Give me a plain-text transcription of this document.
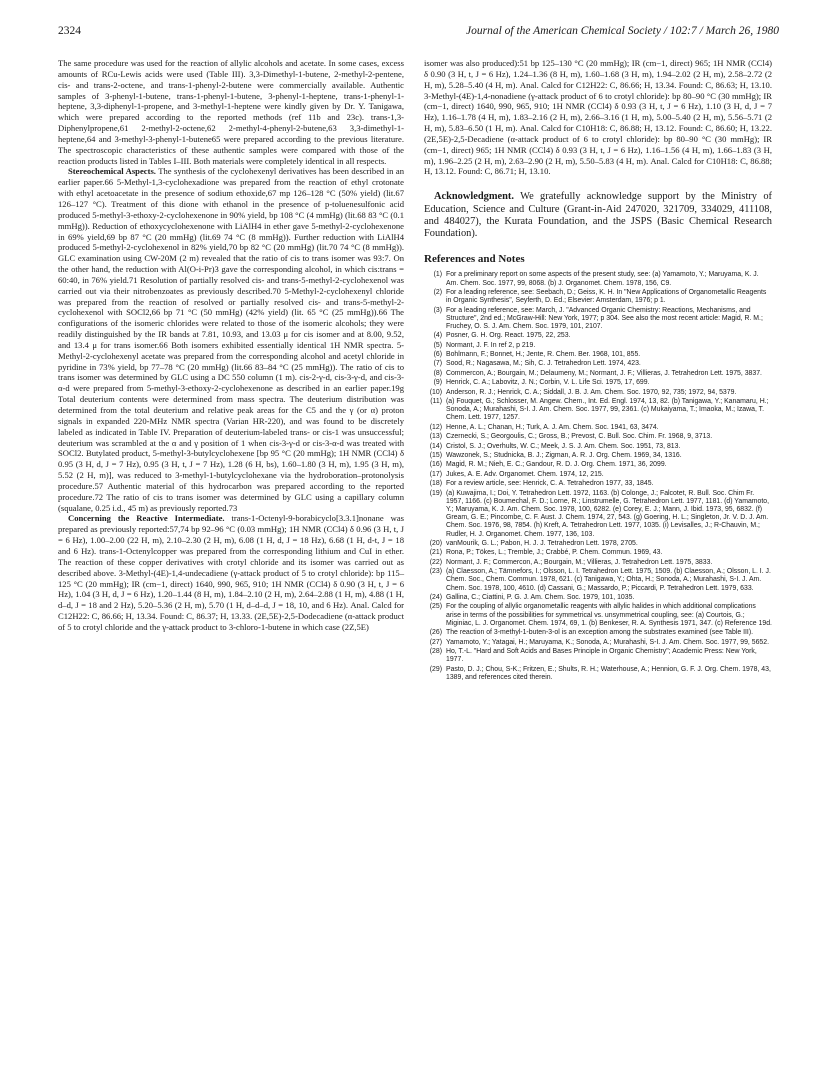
2324	Journal of the American Chemical Society / 102:7 / March 26, 1980

The same procedure was used for the reaction of allylic alcohols and acetate. In some cases, excess amounts of RCu-Lewis acids were used (Table III). 3,3-Dimethyl-1-butene, 2-methyl-2-pentene, cis- and trans-2-octene, and trans-1-phenyl-2-butene were commercially available. Authentic samples of 3-phenyl-1-butene, trans-1-phenyl-1-butene, 3-phenyl-1-heptene, trans-1-phenyl-1-heptene, 3,3-diphenyl-1-propene, and 3-methyl-1-heptene were kindly given by Dr. Y. Tanigawa, which were prepared according to the reported methods (ref 11b and 23c). trans-1,3-Diphenylpropene,61 2-methyl-2-octene,62 2-methyl-4-phenyl-2-butene,63 3,3-dimethyl-1-heptene,64 and 3-methyl-3-phenyl-1-butene65 were prepared according to the previous literature. The spectroscopic characteristics of these authentic samples were compared with those of the reaction products listed in Tables I–III. Both materials were completely identical in all respects.

Stereochemical Aspects. The synthesis of the cyclohexenyl derivatives has been described in an earlier paper.66 5-Methyl-1,3-cyclohexadione was prepared from the reaction of ethyl crotonate with ethyl acetoacetate in the presence of sodium ethoxide,67 mp 126–128 °C (50% yield) (lit.67 126–127 °C). Treatment of this dione with ethanol in the presence of p-toluenesulfonic acid produced 5-methyl-3-ethoxy-2-cyclohexenone in 90% yield, bp 108 °C (4 mmHg) (lit.68 83 °C (0.1 mmHg)). Reduction of ethoxycyclohexenone with LiAlH4 in ether gave 5-methyl-2-cyclohexenone in 69% yield,69 bp 87 °C (20 mmHg) (lit.69 74 °C (8 mmHg)). Further reduction with LiAlH4 produced 5-methyl-2-cyclohexenol in 82% yield,70 bp 82 °C (20 mmHg) (lit.70 74 °C (8 mmHg)). GLC examination using CW-20M (2 m) revealed that the ratio of cis to trans isomer was 93:7. On the other hand, the reduction with Al(O-i-Pr)3 gave the corresponding alcohol, in which cis:trans = 60:40, in 76% yield.71 Resolution of partially resolved cis- and trans-5-methyl-2-cyclohexenol was carried out via their nitrobenzoates as previously described.70 5-Methyl-2-cyclohexenyl chloride was prepared from the reaction of resolved or partially resolved cis- and trans-5-methyl-2-cyclohexenol with SOCl2,66 bp 71 °C (50 mmHg) (42% yield) (lit. 65 °C (25 mmHg)).66 The configurations of the isomeric chlorides were related to those of the isomeric alcohols; they were readily distinguished by the IR bands at 7.81, 10.93, and 13.03 μ for cis isomer and at 8.00, 9.52, and 13.4 μ for trans isomer.66 Both isomers exhibited essentially identical 1H NMR spectra. 5-Methyl-2-cyclohexenyl acetate was prepared from the corresponding alcohol and acetyl chloride in pyridine in 73% yield, bp 77–78 °C (20 mmHg) (lit.66 83–84 °C (25 mmHg)). The ratio of cis to trans isomer was determined by GLC using a DC 550 column (1 m). cis-2-γ-d, cis-3-γ-d, and cis-3-α-d were prepared from 5-methyl-3-ethoxy-2-cyclohexenone as described in an earlier paper.19g Total deuterium contents were determined from mass spectra. The deuterium distribution was determined from the total deuterium and relative peak areas for the C5 and the γ (or α) proton signals in expanded 220-MHz NMR spectra (Varian HR-220), and was found to be discretely labeled as indicated in Table IV. Preparation of deuterium-labeled trans- or cis-1 was unsuccessful; deuterium was scrambled at the α and γ position of 1 when cis-3-γ-d or cis-3-α-d was treated with SOCl2. Butylated product, 5-methyl-3-butylcyclohexene [bp 95 °C (20 mmHg); 1H NMR (CCl4) δ 0.95 (3 H, d, J = 7 Hz), 0.95 (3 H, t, J = 7 Hz), 1.28 (6 H, bs), 1.60–1.80 (3 H, m), 1.95 (3 H, m), 5.52 (2 H, m)], was reduced to 3-methyl-1-butylcyclohexane via the hydroboration–protonolysis procedure.57 Authentic material of this hydrocarbon was prepared according to the reported procedure.72 The ratio of cis to trans isomer was determined by GLC using a capillary column (squalane, 0.25 i.d., 45 m) as previously reported.73

Concerning the Reactive Intermediate. trans-1-Octenyl-9-borabicyclo[3.3.1]nonane was prepared as previously reported:57,74 bp 92–96 °C (0.03 mmHg); 1H NMR (CCl4) δ 0.96 (3 H, t, J = 6 Hz), 1.00–2.00 (22 H, m), 2.10–2.30 (2 H, m), 6.08 (1 H, d, J = 18 Hz), 6.68 (1 H, d-t, J = 18 and 6 Hz). trans-1-Octenylcopper was prepared from the corresponding lithium and CuI in ether. The reaction of these copper derivatives with crotyl chloride and its isomer was carried out as described above. 3-Methyl-(4E)-1,4-undecadiene (γ-attack product of 5 to crotyl chloride): bp 115–125 °C (20 mmHg); IR (cm−1, direct) 1640, 990, 965, 910; 1H NMR (CCl4) δ 0.90 (3 H, t, J = 6 Hz), 1.04 (3 H, d, J = 6 Hz), 1.20–1.44 (8 H, m), 1.84–2.10 (2 H, m), 2.64–2.88 (1 H, m), 4.88 (1 H, d–d, J = 18 and 2 Hz), 5.20–5.36 (2 H, m), 5.70 (1 H, d–d–d, J = 18, 10, and 6 Hz). Anal. Calcd for C12H22: C, 86.66; H, 13.34. Found: C, 86.37; H, 13.33. (2E,5E)-2,5-Dodecadiene (α-attack product of 5 to crotyl chloride and the γ-attack product to 3-chloro-1-butene in which case (2Z,5E)

isomer was also produced):51 bp 125–130 °C (20 mmHg); IR (cm−1, direct) 965; 1H NMR (CCl4) δ 0.90 (3 H, t, J = 6 Hz), 1.24–1.36 (8 H, m), 1.60–1.68 (3 H, m), 1.94–2.02 (2 H, m), 2.58–2.72 (2 H, m), 5.28–5.40 (4 H, m). Anal. Calcd for C12H22: C, 86.66; H, 13.34. Found: C, 86.63; H, 13.10. 3-Methyl-(4E)-1,4-nonadiene (γ-attack product of 6 to crotyl chloride): bp 80–90 °C (30 mmHg); IR (cm−1, direct) 1640, 990, 965, 910; 1H NMR (CCl4) δ 0.93 (3 H, t, J = 6 Hz), 1.10 (3 H, d, J = 7 Hz), 1.16–1.78 (4 H, m), 1.83–2.16 (2 H, m), 2.66–3.16 (1 H, m), 5.00–5.40 (2 H, m), 5.56–5.71 (2 H, m), 5.83–6.50 (1 H, m). Anal. Calcd for C10H18: C, 86.88; H, 13.12. Found: C, 86.60; H, 13.22. (2E,5E)-2,5-Decadiene (α-attack product of 6 to crotyl chloride): bp 80–90 °C (30 mmHg); IR (cm−1, direct) 965; 1H NMR (CCl4) δ 0.93 (3 H, t, J = 6 Hz), 1.16–1.56 (4 H, m), 1.66–1.83 (3 H, m), 1.96–2.25 (2 H, m), 2.63–2.90 (2 H, m), 5.50–5.83 (4 H, m). Anal. Calcd for C10H18: C, 86.88; H, 13.12. Found: C, 86.71; H, 13.10.

Acknowledgment. We gratefully acknowledge support by the Ministry of Education, Science and Culture (Grant-in-Aid 247020, 321709, 334029, 411108, and 484027), the Kurata Foundation, and the JSPS (Basic Chemical Research Foundation).

References and Notes
(1) For a preliminary report on some aspects of the present study, see: (a) Yamamoto, Y.; Maruyama, K. J. Am. Chem. Soc. 1977, 99, 8068. (b) J. Organomet. Chem. 1978, 156, C9.
(2) For a leading reference, see: Seebach, D.; Geiss, K. H. In "New Applications of Organometallic Reagents in Organic Synthesis", Seyferth, D. Ed.; Elsevier: Amsterdam, 1976; p 1.
(3) For a leading reference, see: March, J. "Advanced Organic Chemistry: Reactions, Mechanisms, and Structure", 2nd ed.; McGraw-Hill: New York, 1977; p 304. See also the most recent article: Magid, R. M.; Fruchey, O. S. J. Am. Chem. Soc. 1979, 101, 2107.
(4) Posner, G. H. Org. React. 1975, 22, 253.
(5) Normant, J. F. In ref 2, p 219.
(6) Bohlmann, F.; Bonnet, H.; Jente, R. Chem. Ber. 1968, 101, 855.
(7) Sood, R.; Nagasawa, M.; Sih, C. J. Tetrahedron Lett. 1974, 423.
(8) Commercon, A.; Bourgain, M.; Delaumeny, M.; Normant, J. F.; Villieras, J. Tetrahedron Lett. 1975, 3837.
(9) Henrick, C. A.; Labovitz, J. N.; Corbin, V. L. Life Sci. 1975, 17, 699.
(10) Anderson, R. J.; Henrick, C. A.; Siddall, J. B. J. Am. Chem. Soc. 1970, 92, 735; 1972, 94, 5379.
(11) (a) Fouquet, G.; Schlosser, M. Angew. Chem., Int. Ed. Engl. 1974, 13, 82. (b) Tanigawa, Y.; Kanamaru, H.; Sonoda, A.; Murahashi, S-I. J. Am. Chem. Soc. 1977, 99, 2361. (c) Mukaiyama, T.; Imaoka, M.; Izawa, T. Chem. Lett. 1977, 1257.
(12) Henne, A. L.; Chanan, H.; Turk, A. J. Am. Chem. Soc. 1941, 63, 3474.
(13) Czernecki, S.; Georgoulis, C.; Gross, B.; Prevost, C. Bull. Soc. Chim. Fr. 1968, 9, 3713.
(14) Cristol, S. J.; Overhults, W. C.; Meek, J. S. J. Am. Chem. Soc. 1951, 73, 813.
(15) Wawzonek, S.; Studnicka, B. J.; Zigman, A. R. J. Org. Chem. 1969, 34, 1316.
(16) Magid, R. M.; Nieh, E. C.; Gandour, R. D. J. Org. Chem. 1971, 36, 2099.
(17) Jukes, A. E. Adv. Organomet. Chem. 1974, 12, 215.
(18) For a review article, see: Henrick, C. A. Tetrahedron 1977, 33, 1845.
(19) (a) Kuwajima, I.; Doi, Y. Tetrahedron Lett. 1972, 1163. (b) Colonge, J.; Falcotet, R. Bull. Soc. Chim Fr. 1957, 1166. (c) Boumechal, F. D.; Lorne, R.; Linstrumelle, G. Tetrahedron Lett. 1977, 1181. (d) Yamamoto, Y.; Maruyama, K. J. Am. Chem. Soc. 1978, 100, 6282. (e) Corey, E. J.; Mann, J. Ibid. 1973, 95, 6832. (f) Gream, G. E.; Pincombe, C. F. Aust. J. Chem. 1974, 27, 543. (g) Goering, H. L.; Singleton, Jr. V. D. J. Am. Chem. Soc. 1976, 98, 7854. (h) Kreft, A. Tetrahedron Lett. 1977, 1035. (i) Levisalles, J.; R-Chauvin, M.; Rudler, H. J. Organomet. Chem. 1977, 136, 103.
(20) vanMourik, G. L.; Pabon, H. J. J. Tetrahedron Lett. 1978, 2705.
(21) Rona, P.; Tökes, L.; Tremble, J.; Crabbé, P. Chem. Commun. 1969, 43.
(22) Normant, J. F.; Commercon, A.; Bourgain, M.; Villieras, J. Tetrahedron Lett. 1975, 3833.
(23) (a) Claesson, A.; Tämnefors, I.; Olsson, L. I. Tetrahedron Lett. 1975, 1509. (b) Claesson, A.; Olsson, L. I. J. Chem. Soc., Chem. Commun. 1978, 621. (c) Tanigawa, Y.; Ohta, H.; Sonoda, A.; Murahashi, S-I. J. Am. Chem. Soc. 1978, 100, 4610. (d) Cassani, G.; Massardo, P.; Piccardi, P. Tetrahedron Lett. 1979, 633.
(24) Gallina, C.; Ciattini, P. G. J. Am. Chem. Soc. 1979, 101, 1035.
(25) For the coupling of allylic organometallic reagents with allylic halides in which additional complications arise in terms of the possibilities for symmetrical vs. unsymmetrical coupling, see: (a) Courtois, G.; Miginiac, L. J. Organomet. Chem. 1974, 69, 1. (b) Benkeser, R. A. Synthesis 1971, 347. (c) Reference 19d.
(26) The reaction of 3-methyl-1-buten-3-ol is an exception among the substrates examined (see Table III).
(27) Yamamoto, Y.; Yatagai, H.; Maruyama, K.; Sonoda, A.; Murahashi, S-I. J. Am. Chem. Soc. 1977, 99, 5652.
(28) Ho, T.-L. "Hard and Soft Acids and Bases Principle in Organic Chemistry"; Academic Press: New York, 1977.
(29) Pasto, D. J.; Chou, S-K.; Fritzen, E.; Shults, R. H.; Waterhouse, A.; Hennion, G. F. J. Org. Chem. 1978, 43, 1389, and references cited therein.
